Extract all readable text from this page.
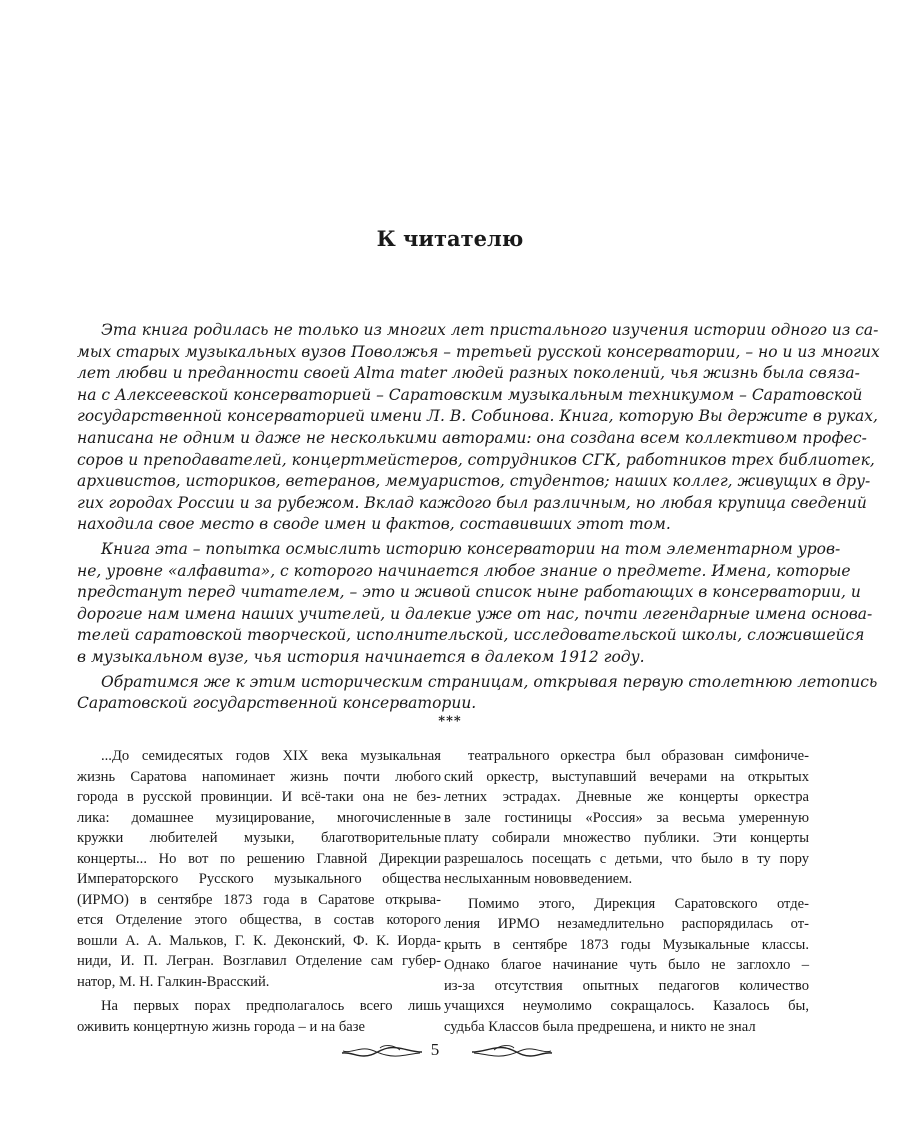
К читателю

Эта книга родилась не только из многих лет пристального изучения истории одного из са-
мых старых музыкальных вузов Поволжья – третьей русской консерватории, – но и из многих
лет любви и преданности своей Alma mater людей разных поколений, чья жизнь была связа-
на с Алексеевской консерваторией – Саратовским музыкальным техникумом – Саратовской
государственной консерваторией имени Л. В. Собинова. Книга, которую Вы держите в руках,
написана не одним и даже не несколькими авторами: она создана всем коллективом профес-
соров и преподавателей, концертмейстеров, сотрудников СГК, работников трех библиотек,
архивистов, историков, ветеранов, мемуаристов, студентов; наших коллег, живущих в дру-
гих городах России и за рубежом. Вклад каждого был различным, но любая крупица сведений
находила свое место в своде имен и фактов, составивших этот том.

Книга эта – попытка осмыслить историю консерватории на том элементарном уров-
не, уровне «алфавита», с которого начинается любое знание о предмете. Имена, которые
предстанут перед читателем, – это и живой список ныне работающих в консерватории, и
дорогие нам имена наших учителей, и далекие уже от нас, почти легендарные имена основа-
телей саратовской творческой, исполнительской, исследовательской школы, сложившейся
в музыкальном вузе, чья история начинается в далеком 1912 году.

Обратимся же к этим историческим страницам, открывая первую столетнюю летопись
Саратовской государственной консерватории.

***

...До семидесятых годов XIX века музыкальная
жизнь Саратова напоминает жизнь почти любого
города в русской провинции. И всё-таки она не без-
лика: домашнее музицирование, многочисленные
кружки любителей музыки, благотворительные
концерты... Но вот по решению Главной Дирекции
Императорского Русского музыкального общества
(ИРМО) в сентябре 1873 года в Саратове открыва-
ется Отделение этого общества, в состав которого
вошли А. А. Мальков, Г. К. Деконский, Ф. К. Иорда-
ниди, И. П. Легран. Возглавил Отделение сам губер-
натор, М. Н. Галкин-Врасский.

На первых порах предполагалось всего лишь
оживить концертную жизнь города – и на базе

театрального оркестра был образован симфониче-
ский оркестр, выступавший вечерами на открытых
летних эстрадах. Дневные же концерты оркестра
в зале гостиницы «Россия» за весьма умеренную
плату собирали множество публики. Эти концерты
разрешалось посещать с детьми, что было в ту пору
неслыханным нововведением.

Помимо этого, Дирекция Саратовского отде-
ления ИРМО незамедлительно распорядилась от-
крыть в сентябре 1873 годы Музыкальные классы.
Однако благое начинание чуть было не заглохло –
из-за отсутствия опытных педагогов количество
учащихся неумолимо сокращалось. Казалось бы,
судьба Классов была предрешена, и никто не знал

5
